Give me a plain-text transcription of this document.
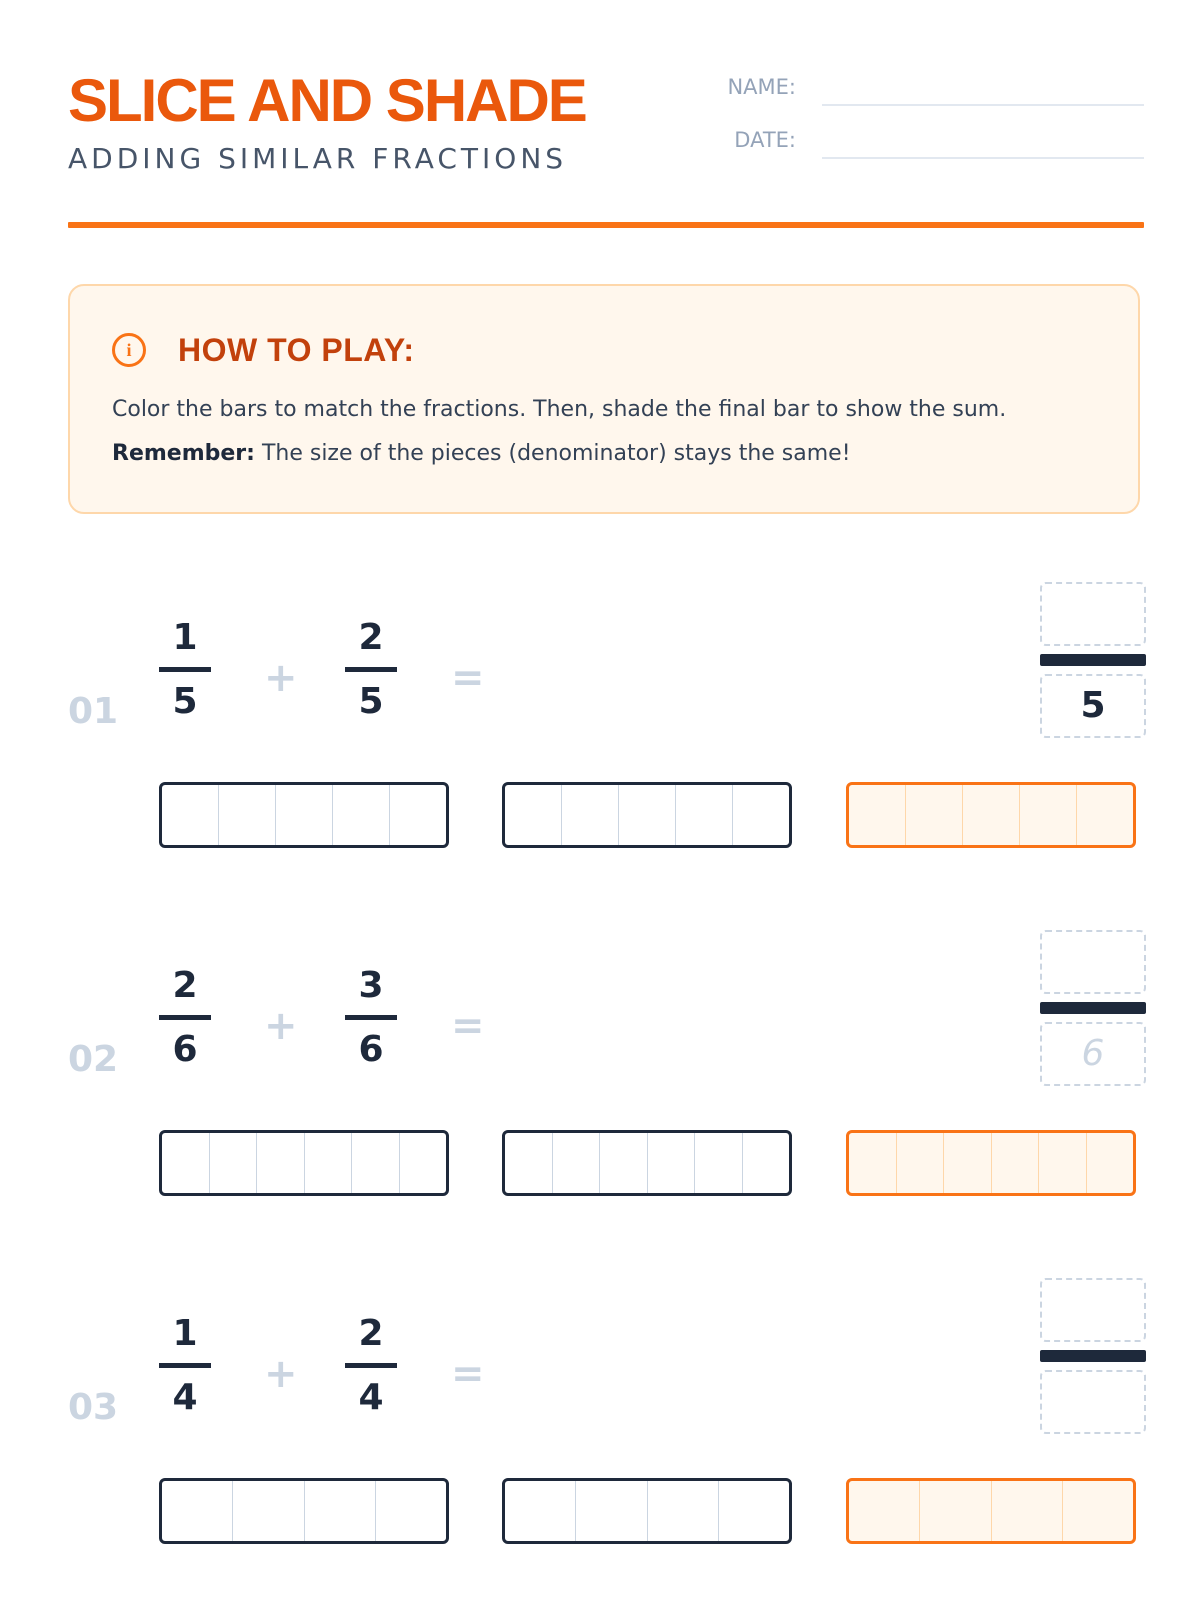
SLICE AND SHADE
ADDING SIMILAR FRACTIONS
NAME:
DATE:
i	HOW TO PLAY:
Color the bars to match the fractions. Then, shade the final bar to show the sum.
Remember: The size of the pieces (denominator) stays the same!
01
1
5
+
2
5
=
5
02
2
6
+
3
6
=
6
03
1
4
+
2
4
=
